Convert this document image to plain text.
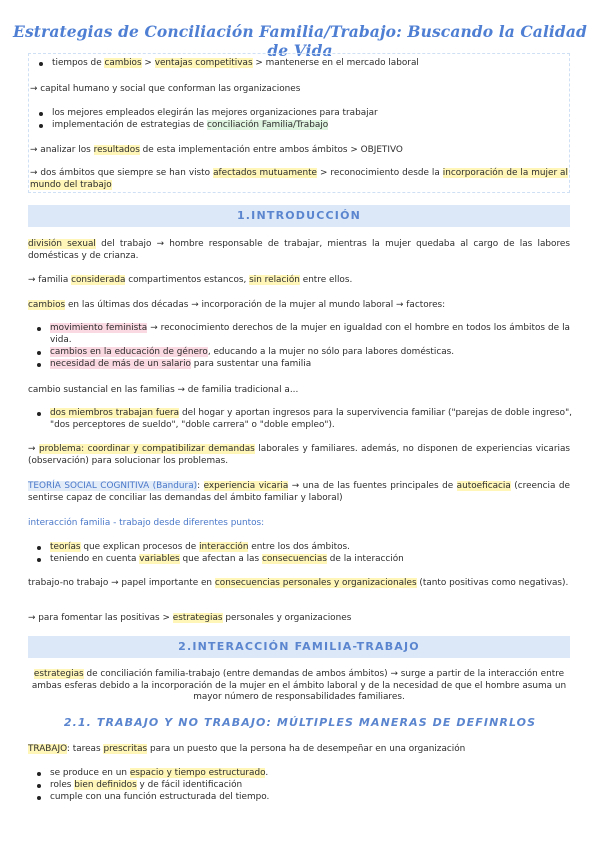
Estrategias de Conciliación Familia/Trabajo: Buscando la Calidad de Vida
tiempos de cambios > ventajas competitivas > mantenerse en el mercado laboral
→ capital humano y social que conforman las organizaciones
los mejores empleados elegirán las mejores organizaciones para trabajar
implementación de estrategias de conciliación Familia/Trabajo
→ analizar los resultados de esta implementación entre ambos ámbitos > OBJETIVO
→ dos ámbitos que siempre se han visto afectados mutuamente > reconocimiento desde la incorporación de la mujer al mundo del trabajo
1.INTRODUCCIÓN
división sexual del trabajo → hombre responsable de trabajar, mientras la mujer quedaba al cargo de las labores domésticas y de crianza.
→ familia considerada compartimentos estancos, sin relación entre ellos.
cambios en las últimas dos décadas → incorporación de la mujer al mundo laboral → factores:
movimiento feminista → reconocimiento derechos de la mujer en igualdad con el hombre en todos los ámbitos de la vida.
cambios en la educación de género, educando a la mujer no sólo para labores domésticas.
necesidad de más de un salario para sustentar una familia
cambio sustancial en las familias → de familia tradicional a...
dos miembros trabajan fuera del hogar y aportan ingresos para la supervivencia familiar ("parejas de doble ingreso", "dos perceptores de sueldo", "doble carrera" o "doble empleo").
→ problema: coordinar y compatibilizar demandas laborales y familiares. además, no disponen de experiencias vicarias (observación) para solucionar los problemas.
TEORÍA SOCIAL COGNITIVA (Bandura): experiencia vicaria → una de las fuentes principales de autoeficacia (creencia de sentirse capaz de conciliar las demandas del ámbito familiar y laboral)
interacción familia - trabajo desde diferentes puntos:
teorías que explican procesos de interacción entre los dos ámbitos.
teniendo en cuenta variables que afectan a las consecuencias de la interacción
trabajo-no trabajo → papel importante en consecuencias personales y organizacionales (tanto positivas como negativas).
→ para fomentar las positivas > estrategias personales y organizaciones
2.INTERACCIÓN FAMILIA-TRABAJO
estrategias de conciliación familia-trabajo (entre demandas de ambos ámbitos) → surge a partir de la interacción entre ambas esferas debido a la incorporación de la mujer en el ámbito laboral y de la necesidad de que el hombre asuma un mayor número de responsabilidades familiares.
2.1. TRABAJO Y NO TRABAJO: MÚLTIPLES MANERAS DE DEFINRLOS
TRABAJO: tareas prescritas para un puesto que la persona ha de desempeñar en una organización
se produce en un espacio y tiempo estructurado.
roles bien definidos y de fácil identificación
cumple con una función estructurada del tiempo.
